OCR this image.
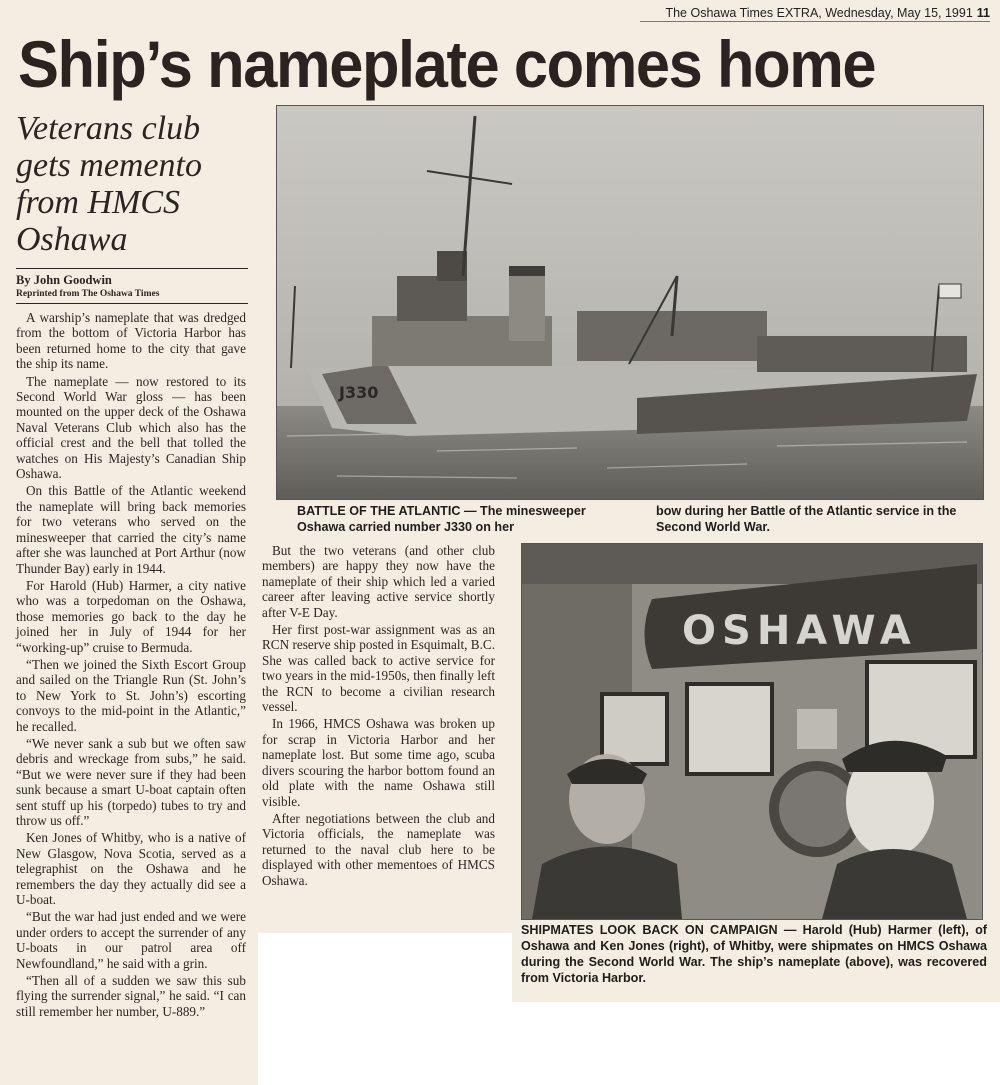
The Oshawa Times EXTRA, Wednesday, May 15, 1991 11
Ship’s nameplate comes home
Veterans club gets memento from HMCS Oshawa
By John Goodwin
Reprinted from The Oshawa Times
J330
BATTLE OF THE ATLANTIC — The minesweeper Oshawa carried number J330 on her
bow during her Battle of the Atlantic service in the Second World War.

A warship’s nameplate that was dredged from the bottom of Victoria Harbor has been returned home to the city that gave the ship its name.

The nameplate — now restored to its Second World War gloss — has been mounted on the upper deck of the Oshawa Naval Veterans Club which also has the official crest and the bell that tolled the watches on His Majesty’s Canadian Ship Oshawa.

On this Battle of the Atlantic weekend the nameplate will bring back memories for two veterans who served on the minesweeper that carried the city’s name after she was launched at Port Arthur (now Thunder Bay) early in 1944.

For Harold (Hub) Harmer, a city native who was a torpedoman on the Oshawa, those memories go back to the day he joined her in July of 1944 for her “working-up” cruise to Bermuda.

“Then we joined the Sixth Escort Group and sailed on the Triangle Run (St. John’s to New York to St. John’s) escorting convoys to the mid-point in the Atlantic,” he recalled.

“We never sank a sub but we often saw debris and wreckage from subs,” he said. “But we were never sure if they had been sunk because a smart U-boat captain often sent stuff up his (torpedo) tubes to try and throw us off.”

Ken Jones of Whitby, who is a native of New Glasgow, Nova Scotia, served as a telegraphist on the Oshawa and he remembers the day they actually did see a U-boat.

“But the war had just ended and we were under orders to accept the surrender of any U-boats in our patrol area off Newfoundland,” he said with a grin.

“Then all of a sudden we saw this sub flying the surrender signal,” he said. “I can still remember her number, U-889.”

But the two veterans (and other club members) are happy they now have the nameplate of their ship which led a varied career after leaving active service shortly after V-E Day.

Her first post-war assignment was as an RCN reserve ship posted in Esquimalt, B.C. She was called back to active service for two years in the mid-1950s, then finally left the RCN to become a civilian research vessel.

In 1966, HMCS Oshawa was broken up for scrap in Victoria Harbor and her nameplate lost. But some time ago, scuba divers scouring the harbor bottom found an old plate with the name Oshawa still visible.

After negotiations between the club and Victoria officials, the nameplate was returned to the naval club here to be displayed with other mementoes of HMCS Oshawa.

OSHAWA
SHIPMATES LOOK BACK ON CAMPAIGN — Harold (Hub) Harmer (left), of Oshawa and Ken Jones (right), of Whitby, were shipmates on HMCS Oshawa during the Second World War. The ship’s nameplate (above), was recovered from Victoria Harbor.
